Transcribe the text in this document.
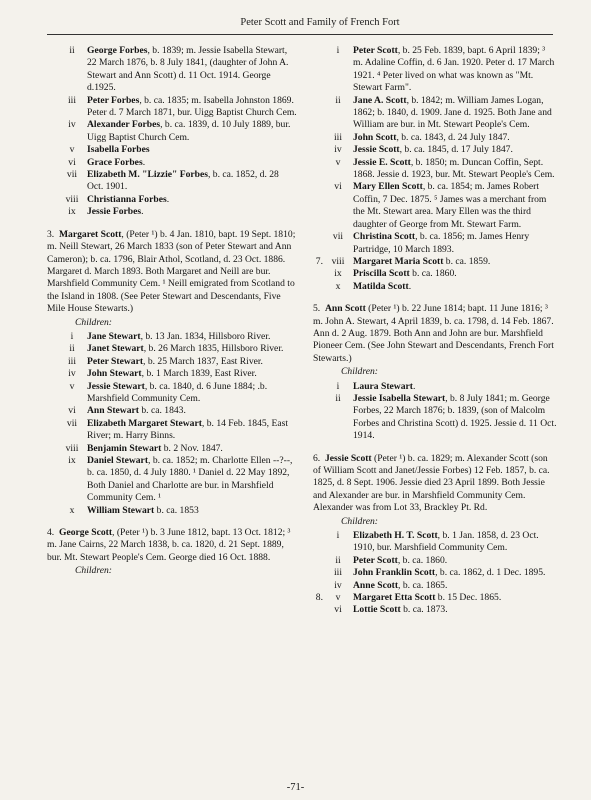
Peter Scott and Family of French Fort
ii	George Forbes, b. 1839; m. Jessie Isabella Stewart, 22 March 1876, b. 8 July 1841, (daughter of John A. Stewart and Ann Scott) d. 11 Oct. 1914. George d.1925.
iii	Peter Forbes, b. ca. 1835; m. Isabella Johnston 1869. Peter d. 7 March 1871, bur. Uigg Baptist Church Cem.
iv	Alexander Forbes, b. ca. 1839, d. 10 July 1889, bur. Uigg Baptist Church Cem.
v	Isabella Forbes
vi	Grace Forbes.
vii	Elizabeth M. "Lizzie" Forbes, b. ca. 1852, d. 28 Oct. 1901.
viii Christianna Forbes.
ix	Jessie Forbes.
3. Margaret Scott, (Peter ¹) b. 4 Jan. 1810, bapt. 19 Sept. 1810; m. Neill Stewart, 26 March 1833 (son of Peter Stewart and Ann Cameron); b. ca. 1796, Blair Athol, Scotland, d. 23 Oct. 1886. Margaret d. March 1893. Both Margaret and Neill are bur. Marshfield Community Cem. ¹ Neill emigrated from Scotland to the Island in 1808. (See Peter Stewart and Descendants, Five Mile House Stewarts.)
Children:
i	Jane Stewart, b. 13 Jan. 1834, Hillsboro River.
ii	Janet Stewart, b. 26 March 1835, Hillsboro River.
iii	Peter Stewart, b. 25 March 1837, East River.
iv	John Stewart, b. 1 March 1839, East River.
v	Jessie Stewart, b. ca. 1840, d. 6 June 1884; .b. Marshfield Community Cem.
vi	Ann Stewart b. ca. 1843.
vii	Elizabeth Margaret Stewart, b. 14 Feb. 1845, East River; m. Harry Binns.
viii Benjamin Stewart b. 2 Nov. 1847.
ix	Daniel Stewart, b. ca. 1852; m. Charlotte Ellen --?--, b. ca. 1850, d. 4 July 1880. ¹ Daniel d. 22 May 1892, Both Daniel and Charlotte are bur. in Marshfield Community Cem. ¹
x	William Stewart b. ca. 1853
4. George Scott, (Peter ¹) b. 3 June 1812, bapt. 13 Oct. 1812; ³ m. Jane Cairns, 22 March 1838, b. ca. 1820, d. 21 Sept. 1889, bur. Mt. Stewart People's Cem. George died 16 Oct. 1888.
Children:
i	Peter Scott, b. 25 Feb. 1839, bapt. 6 April 1839; ³ m. Adaline Coffin, d. 6 Jan. 1920. Peter d. 17 March 1921. ⁴ Peter lived on what was known as "Mt. Stewart Farm".
ii	Jane A. Scott, b. 1842; m. William James Logan, 1862; b. 1840, d. 1909. Jane d. 1925. Both Jane and William are bur. in Mt. Stewart People's Cem.
iii	John Scott, b. ca. 1843, d. 24 July 1847.
iv	Jessie Scott, b. ca. 1845, d. 17 July 1847.
v	Jessie E. Scott, b. 1850; m. Duncan Coffin, Sept. 1868. Jessie d. 1923, bur. Mt. Stewart People's Cem.
vi	Mary Ellen Scott, b. ca. 1854; m. James Robert Coffin, 7 Dec. 1875. ⁵ James was a merchant from the Mt. Stewart area. Mary Ellen was the third daughter of George from Mt. Stewart Farm.
vii	Christina Scott, b. ca. 1856; m. James Henry Partridge, 10 March 1893.
7. viii Margaret Maria Scott b. ca. 1859.
ix	Priscilla Scott b. ca. 1860.
x	Matilda Scott.
5. Ann Scott (Peter ¹) b. 22 June 1814; bapt. 11 June 1816; ³ m. John A. Stewart, 4 April 1839, b. ca. 1798, d. 14 Feb. 1867. Ann d. 2 Aug. 1879. Both Ann and John are bur. Marshfield Pioneer Cem. (See John Stewart and Descendants, French Fort Stewarts.)
Children:
i	Laura Stewart.
ii	Jessie Isabella Stewart, b. 8 July 1841; m. George Forbes, 22 March 1876; b. 1839, (son of Malcolm Forbes and Christina Scott) d. 1925. Jessie d. 11 Oct. 1914.
6. Jessie Scott (Peter ¹) b. ca. 1829; m. Alexander Scott (son of William Scott and Janet/Jessie Forbes) 12 Feb. 1857, b. ca. 1825, d. 8 Sept. 1906. Jessie died 23 April 1899. Both Jessie and Alexander are bur. in Marshfield Community Cem. Alexander was from Lot 33, Brackley Pt. Rd.
Children:
i	Elizabeth H. T. Scott, b. 1 Jan. 1858, d. 23 Oct. 1910, bur. Marshfield Community Cem.
ii	Peter Scott, b. ca. 1860.
iii	John Franklin Scott, b. ca. 1862, d. 1 Dec. 1895.
iv	Anne Scott, b. ca. 1865.
8.	v	Margaret Etta Scott b. 15 Dec. 1865.
vi	Lottie Scott b. ca. 1873.
-71-
